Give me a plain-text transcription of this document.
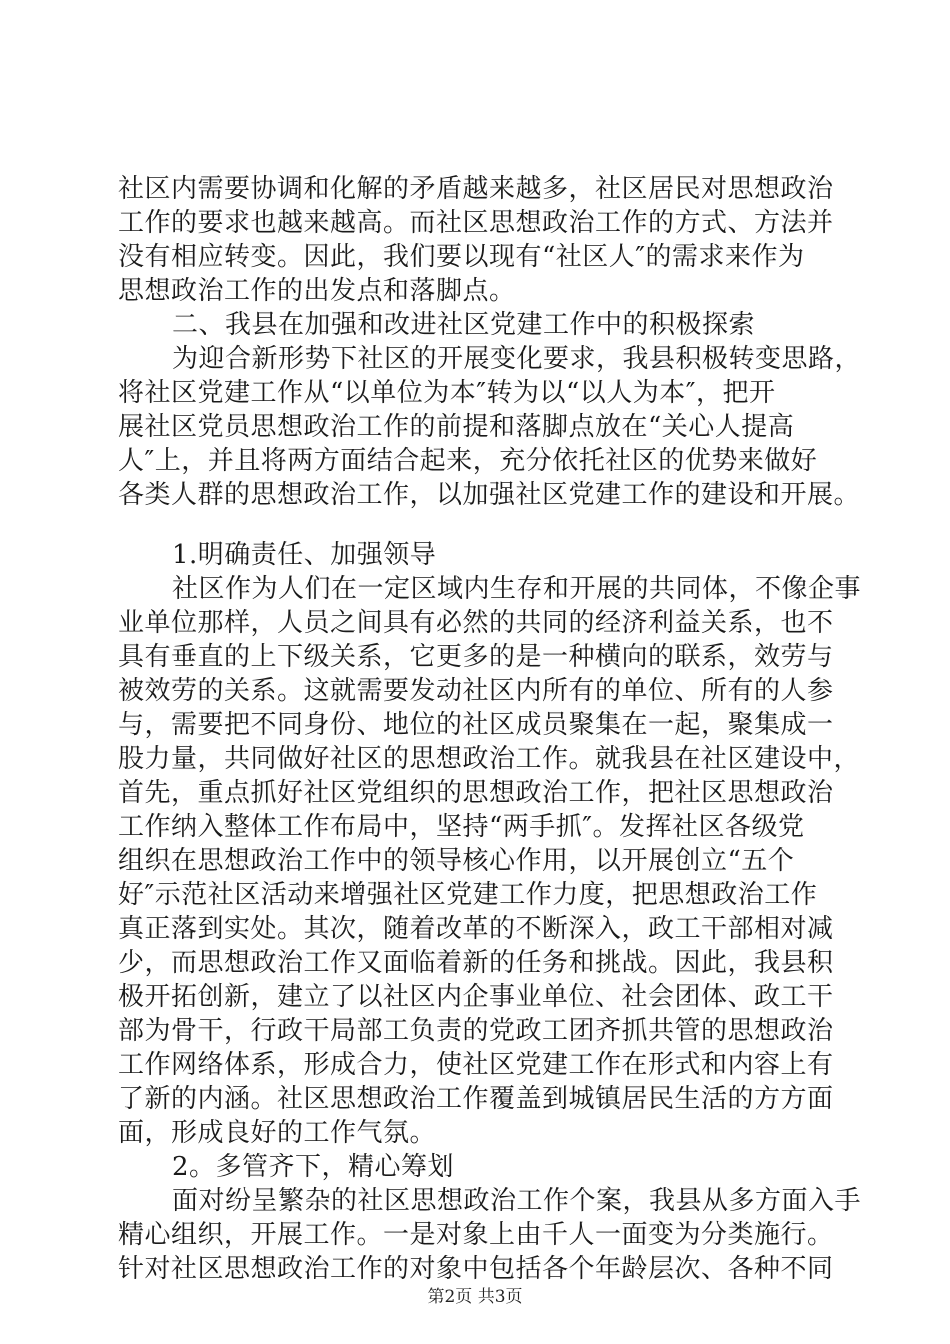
社区内需要协调和化解的矛盾越来越多，社区居民对思想政治
工作的要求也越来越高。而社区思想政治工作的方式、方法并
没有相应转变。因此，我们要以现有“社区人″的需求来作为
思想政治工作的出发点和落脚点。
二、我县在加强和改进社区党建工作中的积极探索
为迎合新形势下社区的开展变化要求，我县积极转变思路，
将社区党建工作从“以单位为本″转为以“以人为本″，把开
展社区党员思想政治工作的前提和落脚点放在“关心人提高
人″上，并且将两方面结合起来，充分依托社区的优势来做好
各类人群的思想政治工作，以加强社区党建工作的建设和开展。
1.明确责任、加强领导
社区作为人们在一定区域内生存和开展的共同体，不像企事
业单位那样，人员之间具有必然的共同的经济利益关系，也不
具有垂直的上下级关系，它更多的是一种横向的联系，效劳与
被效劳的关系。这就需要发动社区内所有的单位、所有的人参
与，需要把不同身份、地位的社区成员聚集在一起，聚集成一
股力量，共同做好社区的思想政治工作。就我县在社区建设中，
首先，重点抓好社区党组织的思想政治工作，把社区思想政治
工作纳入整体工作布局中，坚持“两手抓″。发挥社区各级党
组织在思想政治工作中的领导核心作用，以开展创立“五个
好″示范社区活动来增强社区党建工作力度，把思想政治工作
真正落到实处。其次，随着改革的不断深入，政工干部相对减
少，而思想政治工作又面临着新的任务和挑战。因此，我县积
极开拓创新，建立了以社区内企事业单位、社会团体、政工干
部为骨干，行政干局部工负责的党政工团齐抓共管的思想政治
工作网络体系，形成合力，使社区党建工作在形式和内容上有
了新的内涵。社区思想政治工作覆盖到城镇居民生活的方方面
面，形成良好的工作气氛。
2。多管齐下，精心筹划
面对纷呈繁杂的社区思想政治工作个案，我县从多方面入手
精心组织，开展工作。一是对象上由千人一面变为分类施行。
第2页 共3页
针对社区思想政治工作的对象中包括各个年龄层次、各种不同
